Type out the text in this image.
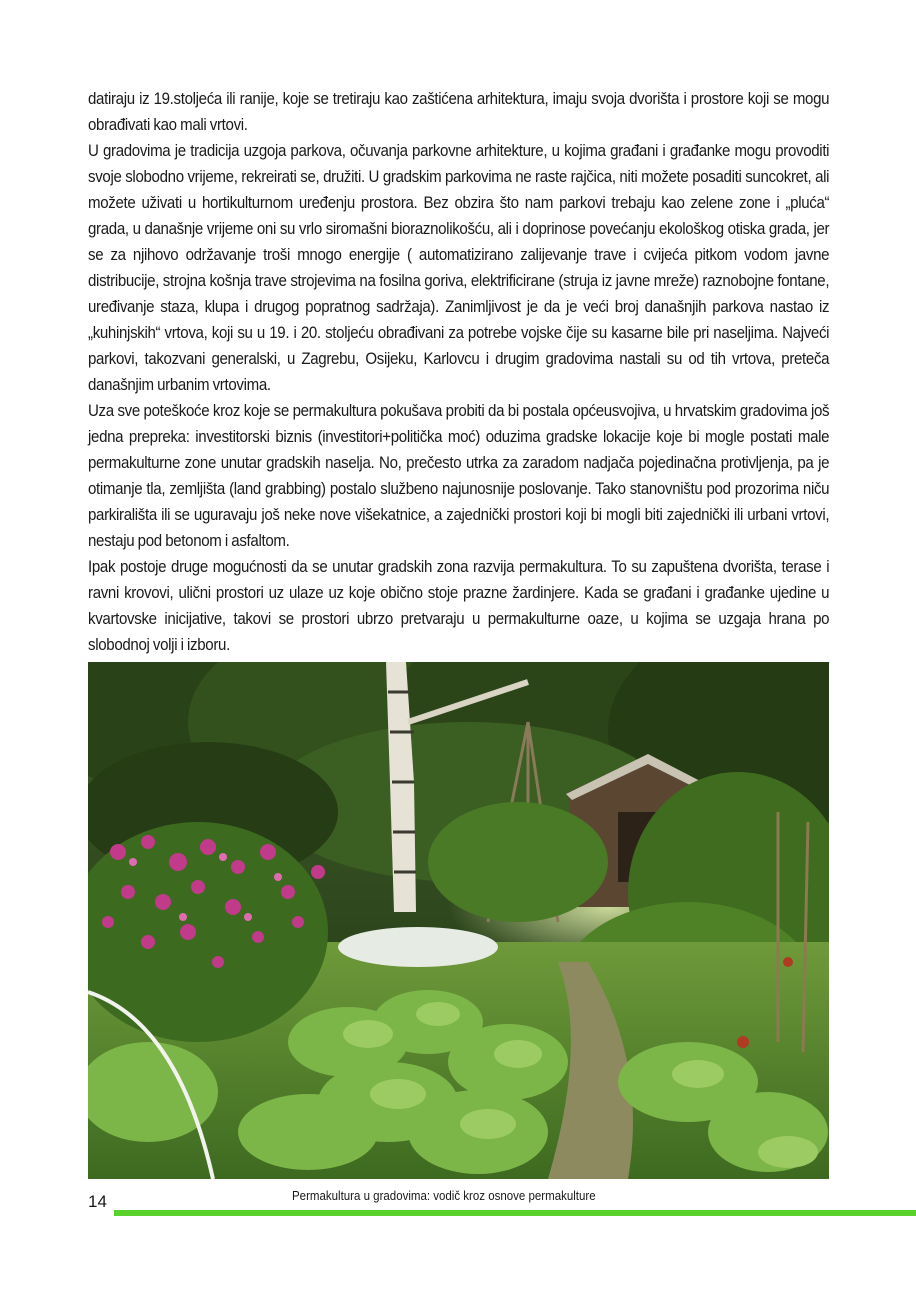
datiraju iz 19.stoljeća ili ranije, koje se tretiraju kao zaštićena arhitektura, imaju svoja dvorišta i prostore koji se mogu obrađivati kao mali vrtovi.

U gradovima je tradicija uzgoja parkova, očuvanja parkovne arhitekture, u kojima građani i građanke mogu provoditi svoje slobodno vrijeme, rekreirati se, družiti. U gradskim parkovima ne raste rajčica, niti možete posaditi suncokret, ali možete uživati u hortikulturnom uređenju prostora. Bez obzira što nam parkovi trebaju kao zelene zone i „pluća“ grada, u današnje vrijeme oni su vrlo siromašni bioraznolikošću, ali i doprinose povećanju ekološkog otiska grada, jer se za njihovo održavanje troši mnogo energije ( automatizirano zalijevanje trave i cvijeća pitkom vodom javne distribucije, strojna košnja trave strojevima na fosilna goriva, elektrificirane (struja iz javne mreže) raznobojne fontane, uređivanje staza, klupa i drugog popratnog sadržaja). Zanimljivost je da je veći broj današnjih parkova nastao iz „kuhinjskih“ vrtova, koji su u 19. i 20. stoljeću obrađivani za potrebe vojske čije su kasarne bile pri naseljima. Najveći parkovi, takozvani generalski, u Zagrebu, Osijeku, Karlovcu i drugim gradovima nastali su od tih vrtova, preteča današnjim urbanim vrtovima.

Uza sve poteškoće kroz koje se permakultura pokušava probiti da bi postala općeusvojiva, u hrvatskim gradovima još jedna prepreka: investitorski biznis (investitori+politička moć) oduzima gradske lokacije koje bi mogle postati male permakulturne zone unutar gradskih naselja. No, prečesto utrka za zaradom nadjača pojedinačna protivljenja, pa je otimanje tla, zemljišta (land grabbing) postalo službeno najunosnije poslovanje. Tako stanovništu pod prozorima niču parkirališta ili se uguravaju još neke nove višekatnice, a zajednički prostori koji bi mogli biti zajednički ili urbani vrtovi, nestaju pod betonom i asfaltom.

Ipak postoje druge mogućnosti da se unutar gradskih zona razvija permakultura. To su zapuštena dvorišta, terase i ravni krovovi, ulični prostori uz ulaze uz koje obično stoje prazne žardinjere. Kada se građani i građanke ujedine u kvartovske inicijative, takovi se prostori ubrzo pretvaraju u permakulturne oaze, u kojima se uzgaja hrana po slobodnoj volji i izboru.

14	Permakultura u gradovima: vodič kroz osnove permakulture
